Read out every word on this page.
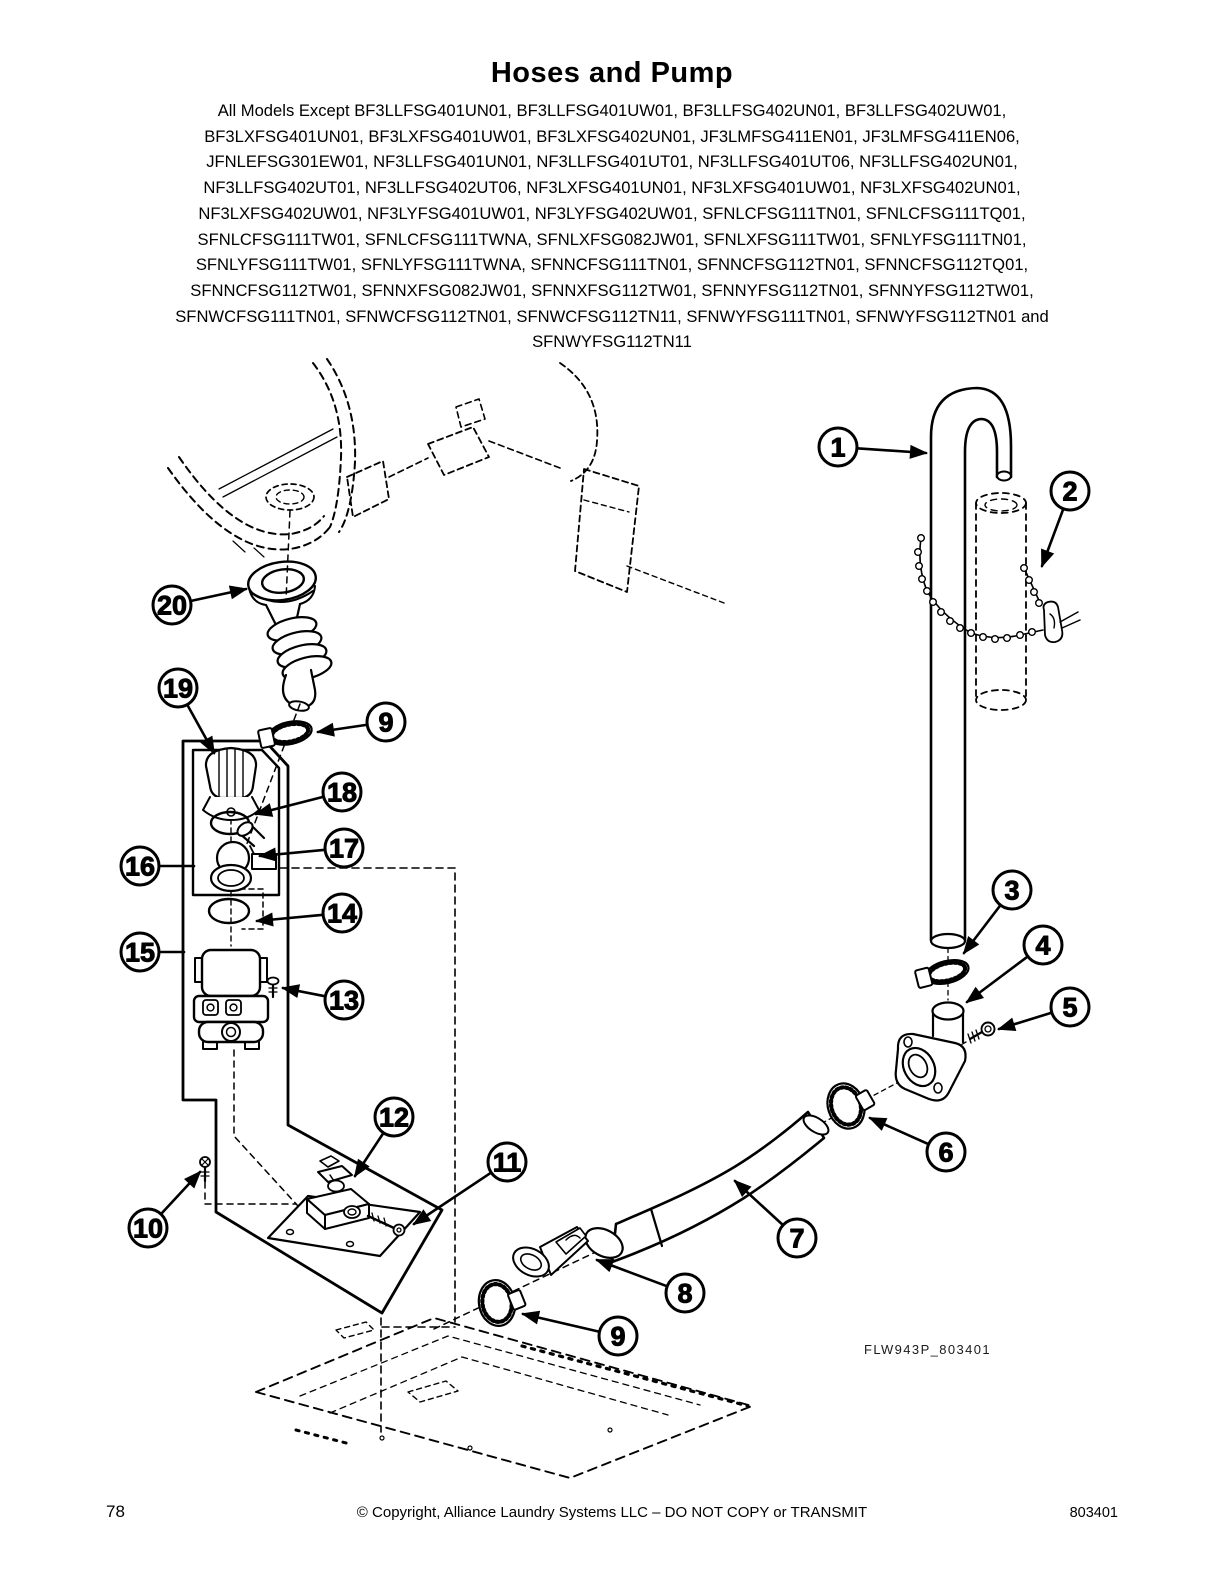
Hoses and Pump
All Models Except BF3LLFSG401UN01, BF3LLFSG401UW01, BF3LLFSG402UN01, BF3LLFSG402UW01,
BF3LXFSG401UN01, BF3LXFSG401UW01, BF3LXFSG402UN01, JF3LMFSG411EN01, JF3LMFSG411EN06,
JFNLEFSG301EW01, NF3LLFSG401UN01, NF3LLFSG401UT01, NF3LLFSG401UT06, NF3LLFSG402UN01,
NF3LLFSG402UT01, NF3LLFSG402UT06, NF3LXFSG401UN01, NF3LXFSG401UW01, NF3LXFSG402UN01,
NF3LXFSG402UW01, NF3LYFSG401UW01, NF3LYFSG402UW01, SFNLCFSG111TN01, SFNLCFSG111TQ01,
SFNLCFSG111TW01, SFNLCFSG111TWNA, SFNLXFSG082JW01, SFNLXFSG111TW01, SFNLYFSG111TN01,
SFNLYFSG111TW01, SFNLYFSG111TWNA, SFNNCFSG111TN01, SFNNCFSG112TN01, SFNNCFSG112TQ01,
SFNNCFSG112TW01, SFNNXFSG082JW01, SFNNXFSG112TW01, SFNNYFSG112TN01, SFNNYFSG112TW01,
SFNWCFSG111TN01, SFNWCFSG112TN01, SFNWCFSG112TN11, SFNWYFSG111TN01, SFNWYFSG112TN01 and
SFNWYFSG112TN11
1
2
3
4
5
6
7
8
9
9
10
11
12
13
14
15
16
17
18
19
20
FLW943P_803401
78	© Copyright, Alliance Laundry Systems LLC – DO NOT COPY or TRANSMIT	803401
